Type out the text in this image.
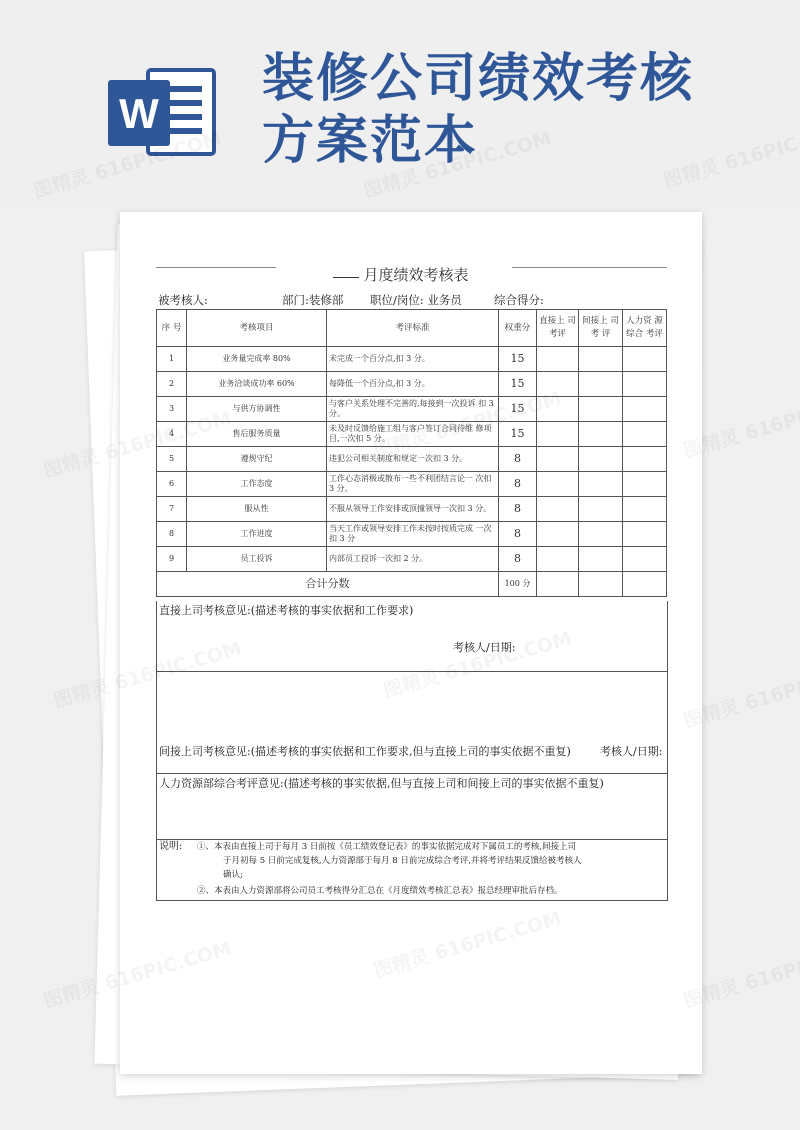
W
装修公司绩效考核
方案范本
月度绩效考核表
被考核人:	部门:装修部 职位/岗位: 业务员	综合得分:
序 号	考核项目	考评标准	权重分	直接上 司考评	间接上 司 考 评	人力资 源综合 考评
1	业务量完成率 80%	未完成一个百分点,扣 3 分。	15			
2	业务洽谈成功率 60%	每降低一个百分点,扣 3 分。	15			
3	与供方协调性	与客户关系处理不完善的,每接到一次投诉 扣 3 分。	15			
4	售后服务质量	未及时反馈给施工组与客户签订合同待维 修项目,一次扣 5 分。	15			
5	遵规守纪	违犯公司相关制度和规定一次扣 3 分。	8			
6	工作态度	工作心态消极或散布一些不利团结言论一 次扣 3 分。	8			
7	服从性	不服从领导工作安排或顶撞领导一次扣 3 分。	8			
8	工作进度	当天工作或领导安排工作未按时按质完成 一次扣 3 分	8			
9	员工投诉	内部员工投诉一次扣 2 分。	8			
合计分数			100 分			
直接上司考核意见:(描述考核的事实依据和工作要求)
考核人/日期:
间接上司考核意见:(描述考核的事实依据和工作要求,但与直接上司的事实依据不重复)	考核人/日期:
人力资源部综合考评意见:(描述考核的事实依据,但与直接上司和间接上司的事实依据不重复)
说明: ①、本表由直接上司于每月 3 日前按《员工绩效登记表》的事实依据完成对下属员工的考核,间接上司
于月初每 5 日前完成复核,人力资源部于每月 8 日前完成综合考评,并将考评结果反馈给被考核人
确认;
②、本表由人力资源部将公司员工考核得分汇总在《月度绩效考核汇总表》报总经理审批后存档。
